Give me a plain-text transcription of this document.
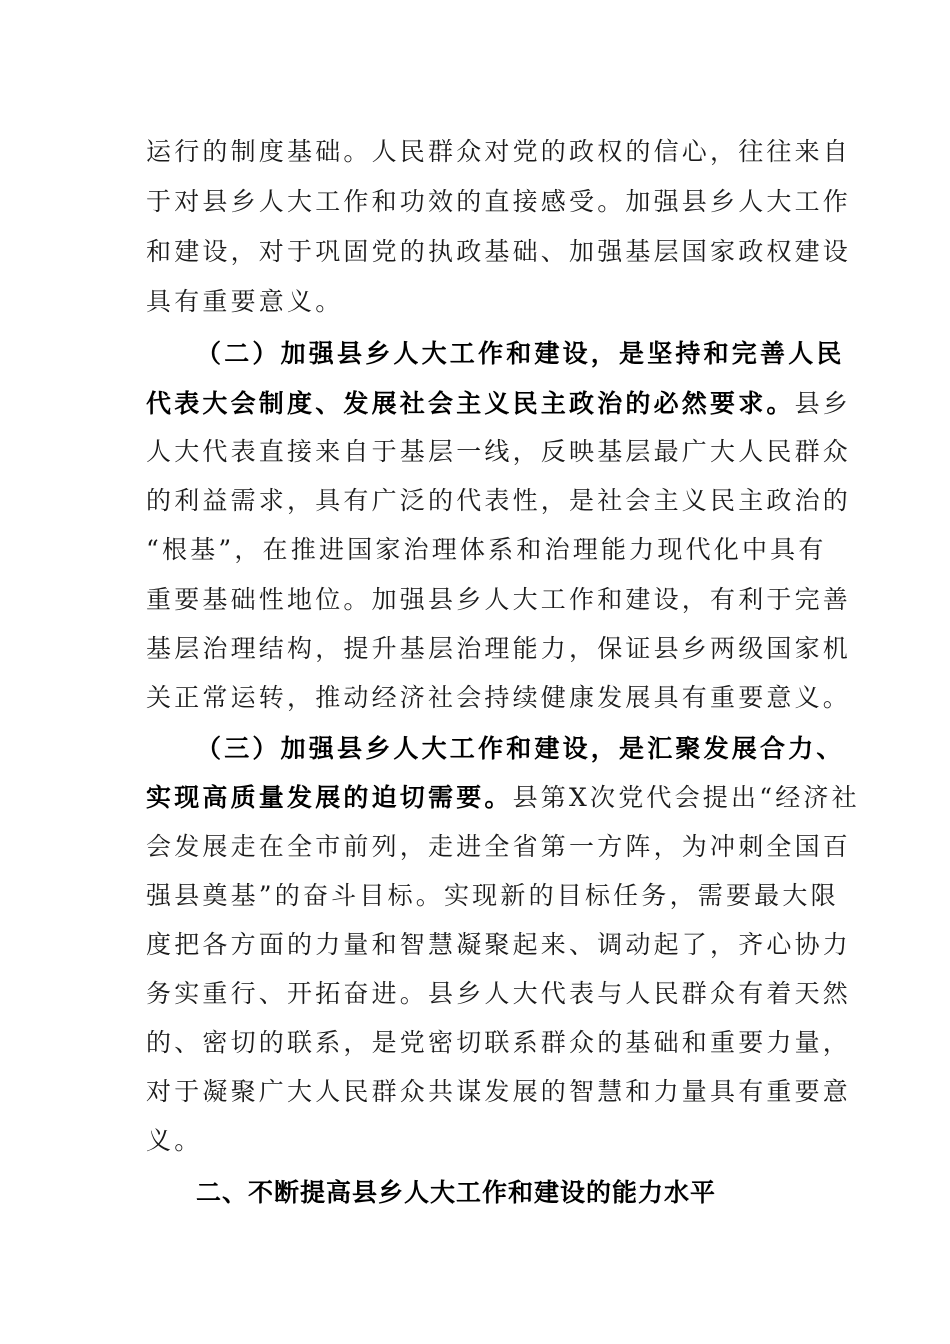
运行的制度基础。人民群众对党的政权的信心，往往来自
于对县乡人大工作和功效的直接感受。加强县乡人大工作
和建设，对于巩固党的执政基础、加强基层国家政权建设
具有重要意义。
（二）加强县乡人大工作和建设，是坚持和完善人民
代表大会制度、发展社会主义民主政治的必然要求。县乡
人大代表直接来自于基层一线，反映基层最广大人民群众
的利益需求，具有广泛的代表性，是社会主义民主政治的
“根基”，在推进国家治理体系和治理能力现代化中具有
重要基础性地位。加强县乡人大工作和建设，有利于完善
基层治理结构，提升基层治理能力，保证县乡两级国家机
关正常运转，推动经济社会持续健康发展具有重要意义。
（三）加强县乡人大工作和建设，是汇聚发展合力、
实现高质量发展的迫切需要。县第Ⅹ次党代会提出“经济社
会发展走在全市前列，走进全省第一方阵，为冲刺全国百
强县奠基”的奋斗目标。实现新的目标任务，需要最大限
度把各方面的力量和智慧凝聚起来、调动起了，齐心协力
务实重行、开拓奋进。县乡人大代表与人民群众有着天然
的、密切的联系，是党密切联系群众的基础和重要力量，
对于凝聚广大人民群众共谋发展的智慧和力量具有重要意
义。
二、不断提高县乡人大工作和建设的能力水平
